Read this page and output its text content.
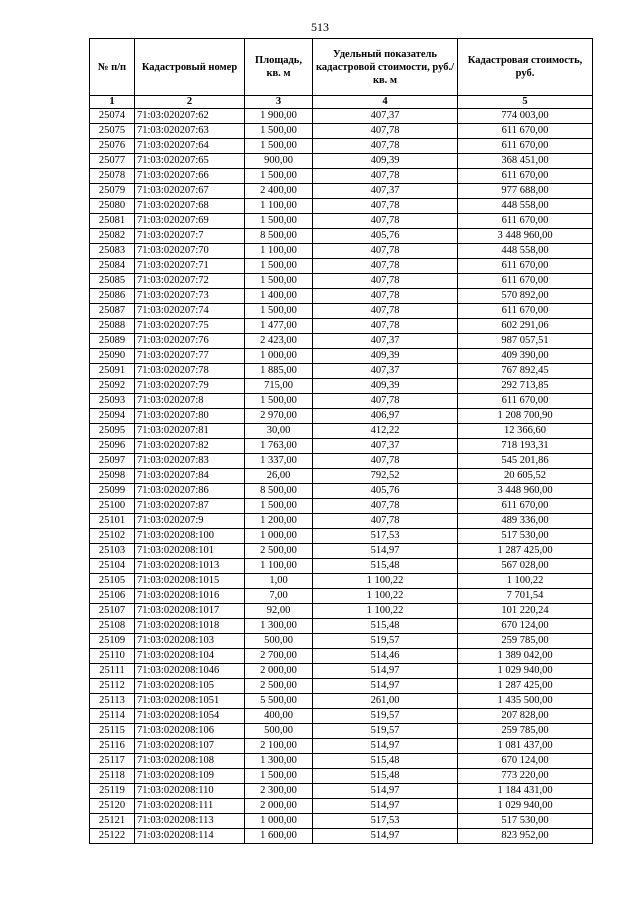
513
№ п/п	Кадастровый номер	Площадь, кв. м	Удельный показатель кадастровой стоимости, руб./кв. м	Кадастровая стоимость, руб.
1	2	3	4	5
25074	71:03:020207:62	1 900,00	407,37	774 003,00
25075	71:03:020207:63	1 500,00	407,78	611 670,00
25076	71:03:020207:64	1 500,00	407,78	611 670,00
25077	71:03:020207:65	900,00	409,39	368 451,00
25078	71:03:020207:66	1 500,00	407,78	611 670,00
25079	71:03:020207:67	2 400,00	407,37	977 688,00
25080	71:03:020207:68	1 100,00	407,78	448 558,00
25081	71:03:020207:69	1 500,00	407,78	611 670,00
25082	71:03:020207:7	8 500,00	405,76	3 448 960,00
25083	71:03:020207:70	1 100,00	407,78	448 558,00
25084	71:03:020207:71	1 500,00	407,78	611 670,00
25085	71:03:020207:72	1 500,00	407,78	611 670,00
25086	71:03:020207:73	1 400,00	407,78	570 892,00
25087	71:03:020207:74	1 500,00	407,78	611 670,00
25088	71:03:020207:75	1 477,00	407,78	602 291,06
25089	71:03:020207:76	2 423,00	407,37	987 057,51
25090	71:03:020207:77	1 000,00	409,39	409 390,00
25091	71:03:020207:78	1 885,00	407,37	767 892,45
25092	71:03:020207:79	715,00	409,39	292 713,85
25093	71:03:020207:8	1 500,00	407,78	611 670,00
25094	71:03:020207:80	2 970,00	406,97	1 208 700,90
25095	71:03:020207:81	30,00	412,22	12 366,60
25096	71:03:020207:82	1 763,00	407,37	718 193,31
25097	71:03:020207:83	1 337,00	407,78	545 201,86
25098	71:03:020207:84	26,00	792,52	20 605,52
25099	71:03:020207:86	8 500,00	405,76	3 448 960,00
25100	71:03:020207:87	1 500,00	407,78	611 670,00
25101	71:03:020207:9	1 200,00	407,78	489 336,00
25102	71:03:020208:100	1 000,00	517,53	517 530,00
25103	71:03:020208:101	2 500,00	514,97	1 287 425,00
25104	71:03:020208:1013	1 100,00	515,48	567 028,00
25105	71:03:020208:1015	1,00	1 100,22	1 100,22
25106	71:03:020208:1016	7,00	1 100,22	7 701,54
25107	71:03:020208:1017	92,00	1 100,22	101 220,24
25108	71:03:020208:1018	1 300,00	515,48	670 124,00
25109	71:03:020208:103	500,00	519,57	259 785,00
25110	71:03:020208:104	2 700,00	514,46	1 389 042,00
25111	71:03:020208:1046	2 000,00	514,97	1 029 940,00
25112	71:03:020208:105	2 500,00	514,97	1 287 425,00
25113	71:03:020208:1051	5 500,00	261,00	1 435 500,00
25114	71:03:020208:1054	400,00	519,57	207 828,00
25115	71:03:020208:106	500,00	519,57	259 785,00
25116	71:03:020208:107	2 100,00	514,97	1 081 437,00
25117	71:03:020208:108	1 300,00	515,48	670 124,00
25118	71:03:020208:109	1 500,00	515,48	773 220,00
25119	71:03:020208:110	2 300,00	514,97	1 184 431,00
25120	71:03:020208:111	2 000,00	514,97	1 029 940,00
25121	71:03:020208:113	1 000,00	517,53	517 530,00
25122	71:03:020208:114	1 600,00	514,97	823 952,00
